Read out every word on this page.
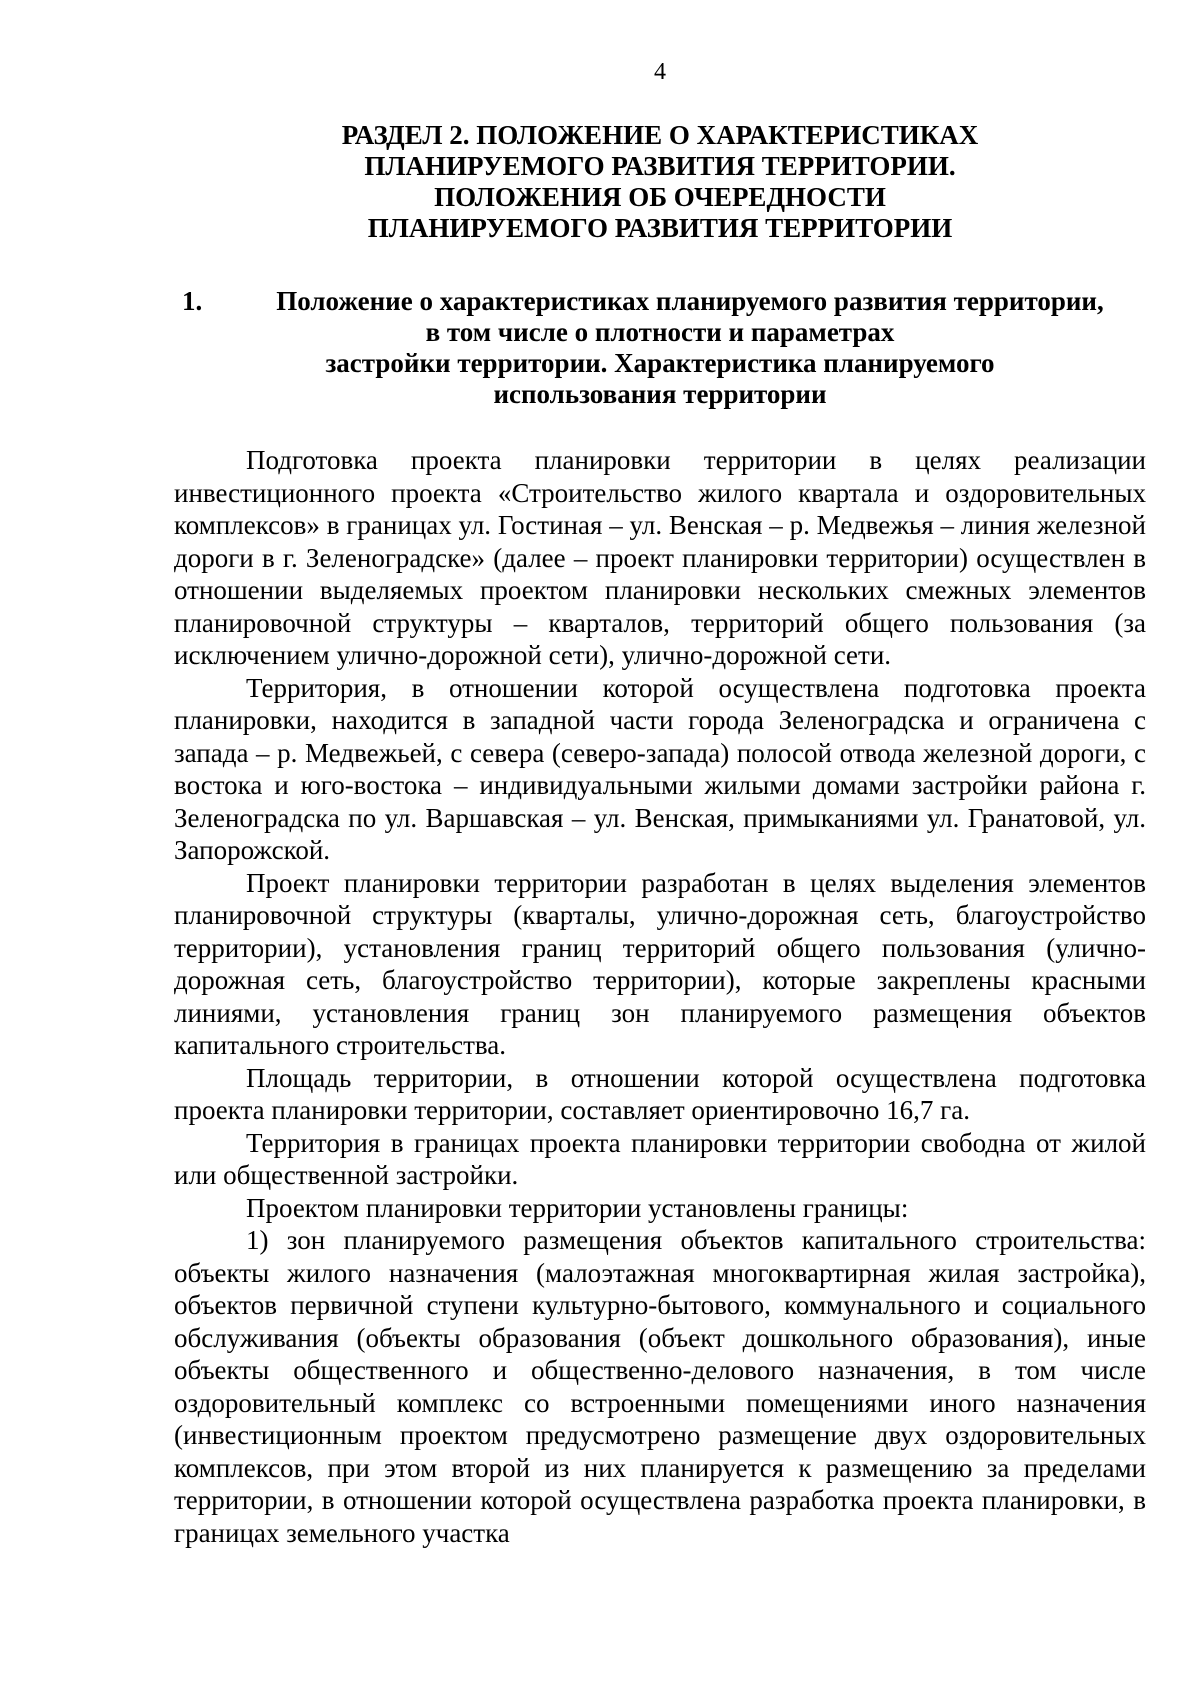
4
РАЗДЕЛ 2. ПОЛОЖЕНИЕ О ХАРАКТЕРИСТИКАХ
ПЛАНИРУЕМОГО РАЗВИТИЯ ТЕРРИТОРИИ.
ПОЛОЖЕНИЯ ОБ ОЧЕРЕДНОСТИ
ПЛАНИРУЕМОГО РАЗВИТИЯ ТЕРРИТОРИИ
1.	Положение о характеристиках планируемого развития территории,
в том числе о плотности и параметрах
застройки территории. Характеристика планируемого
использования территории

Подготовка проекта планировки территории в целях реализации инвестиционного проекта «Строительство жилого квартала и оздоровительных комплексов» в границах ул. Гостиная – ул. Венская – р. Медвежья – линия железной дороги в г. Зеленоградске» (далее – проект планировки территории) осуществлен в отношении выделяемых проектом планировки нескольких смежных элементов планировочной структуры – кварталов, территорий общего пользования (за исключением улично-дорожной сети), улично-дорожной сети.

Территория, в отношении которой осуществлена подготовка проекта планировки, находится в западной части города Зеленоградска и ограничена с запада – р. Медвежьей, с севера (северо-запада) полосой отвода железной дороги, с востока и юго-востока – индивидуальными жилыми домами застройки района г. Зеленоградска по ул. Варшавская – ул. Венская, примыканиями ул. Гранатовой, ул. Запорожской.

Проект планировки территории разработан в целях выделения элементов планировочной структуры (кварталы, улично-дорожная сеть, благоустройство территории), установления границ территорий общего пользования (улично-дорожная сеть, благоустройство территории), которые закреплены красными линиями, установления границ зон планируемого размещения объектов капитального строительства.

Площадь территории, в отношении которой осуществлена подготовка проекта планировки территории, составляет ориентировочно 16,7 га.

Территория в границах проекта планировки территории свободна от жилой или общественной застройки.

Проектом планировки территории установлены границы:

1) зон планируемого размещения объектов капитального строительства: объекты жилого назначения (малоэтажная многоквартирная жилая застройка), объектов первичной ступени культурно-бытового, коммунального и социального обслуживания (объекты образования (объект дошкольного образования), иные объекты общественного и общественно-делового назначения, в том числе оздоровительный комплекс со встроенными помещениями иного назначения (инвестиционным проектом предусмотрено размещение двух оздоровительных комплексов, при этом второй из них планируется к размещению за пределами территории, в отношении которой осуществлена разработка проекта планировки, в границах земельного участка
